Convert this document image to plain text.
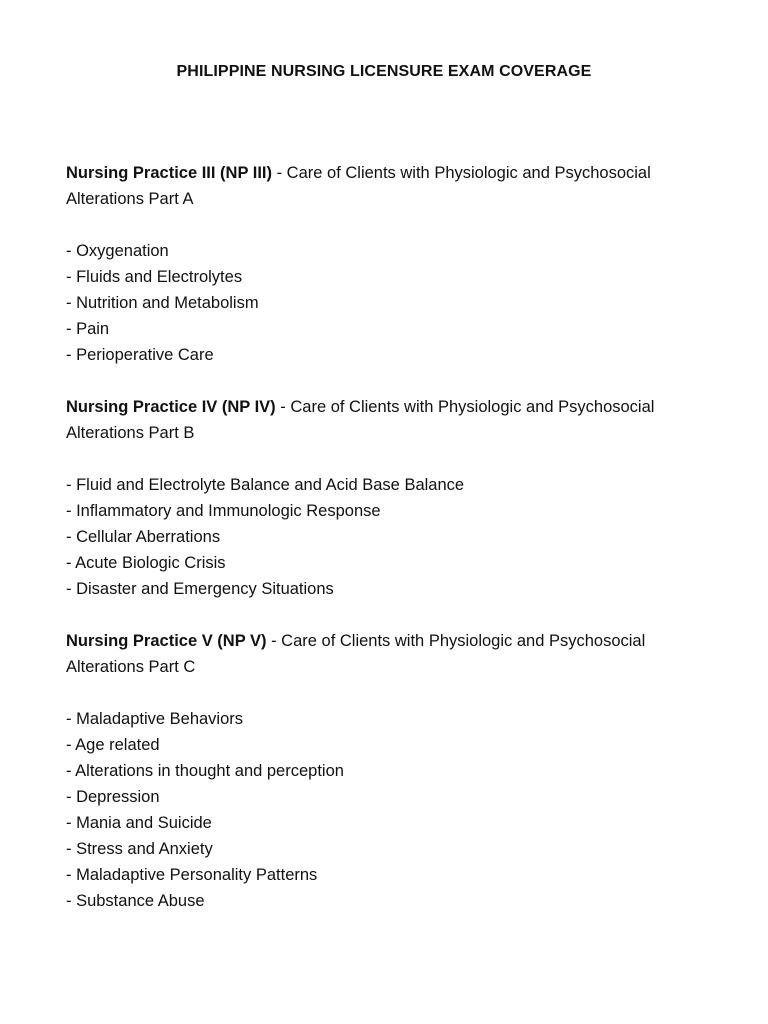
PHILIPPINE NURSING LICENSURE EXAM COVERAGE

Nursing Practice III (NP III) - Care of Clients with Physiologic and Psychosocial Alterations Part A

- Oxygenation
- Fluids and Electrolytes
- Nutrition and Metabolism
- Pain
- Perioperative Care

Nursing Practice IV (NP IV) - Care of Clients with Physiologic and Psychosocial Alterations Part B

- Fluid and Electrolyte Balance and Acid Base Balance
- Inflammatory and Immunologic Response
- Cellular Aberrations
- Acute Biologic Crisis
- Disaster and Emergency Situations

Nursing Practice V (NP V) - Care of Clients with Physiologic and Psychosocial Alterations Part C

- Maladaptive Behaviors
- Age related
- Alterations in thought and perception
- Depression
- Mania and Suicide
- Stress and Anxiety
- Maladaptive Personality Patterns
- Substance Abuse
